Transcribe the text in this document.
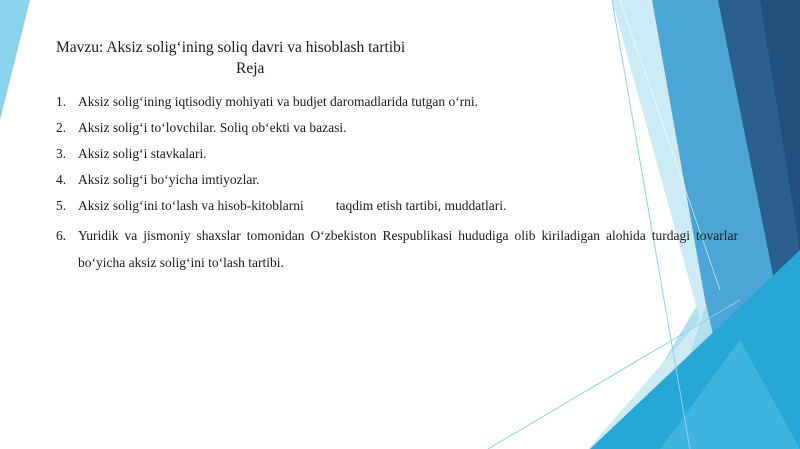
Mavzu: Aksiz solig‘ining soliq davri va hisoblash tartibi
Reja
1. Aksiz solig‘ining iqtisodiy mohiyati va budjet daromadlarida tutgan o‘rni.
2. Aksiz solig‘i to‘lovchilar. Soliq ob‘ekti va bazasi.
3. Aksiz solig‘i stavkalari.
4. Aksiz solig‘i bo‘yicha imtiyozlar.
5. Aksiz solig‘ini to‘lash va hisob-kitoblarni taqdim etish tartibi, muddatlari.
6. Yuridik va jismoniy shaxslar tomonidan O‘zbekiston Respublikasi hududiga olib kiriladigan alohida turdagi tovarlar bo‘yicha aksiz solig‘ini to‘lash tartibi.
